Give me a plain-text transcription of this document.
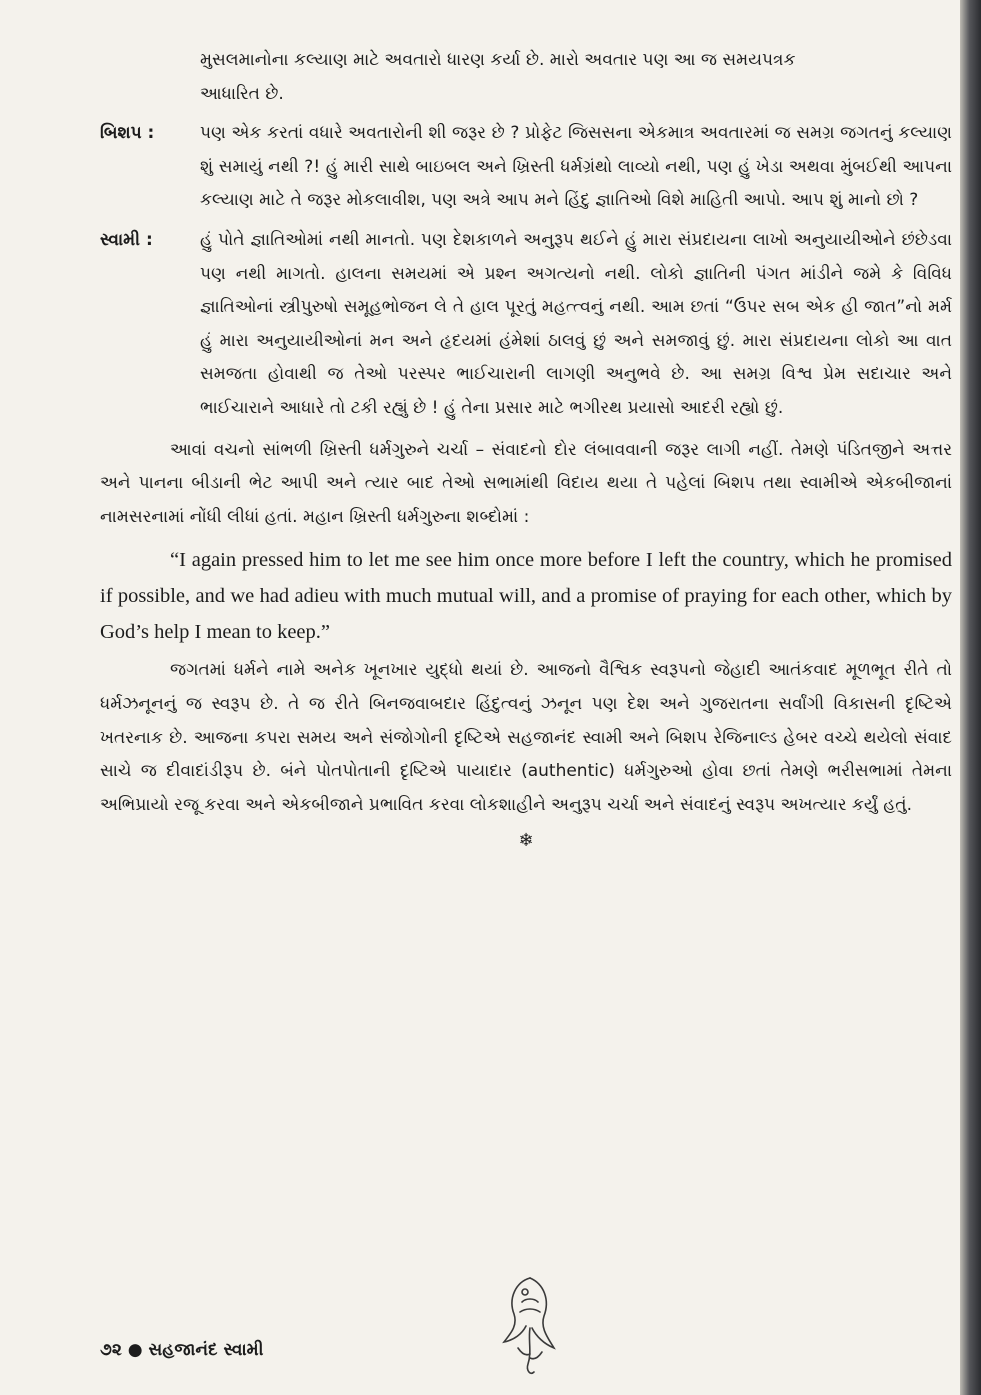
મુસલમાનોના કલ્યાણ માટે અવતારો ધારણ કર્યા છે. મારો અવતાર પણ આ જ સમયપત્રક
આધારિત છે.
બિશપ :	પણ એક કરતાં વધારે અવતારોની શી જરૂર છે ? પ્રોફેટ જિસસના એકમાત્ર અવતારમાં જ સમગ્ર જગતનું કલ્યાણ શું સમાયું નથી ?! હું મારી સાથે બાઇબલ અને ખ્રિસ્તી ધર્મગ્રંથો લાવ્યો નથી, પણ હું ખેડા અથવા મુંબઈથી આપના કલ્યાણ માટે તે જરૂર મોકલાવીશ, પણ અત્રે આપ મને હિંદુ જ્ઞાતિઓ વિશે માહિતી આપો. આપ શું માનો છો ?
સ્વામી :	હું પોતે જ્ઞાતિઓમાં નથી માનતો. પણ દેશકાળને અનુરૂપ થઈને હું મારા સંપ્રદાયના લાખો અનુયાયીઓને છંછેડવા પણ નથી માગતો. હાલના સમયમાં એ પ્રશ્ન અગત્યનો નથી. લોકો જ્ઞાતિની પંગત માંડીને જમે કે વિવિધ જ્ઞાતિઓનાં સ્ત્રીપુરુષો સમૂહભોજન લે તે હાલ પૂરતું મહત્ત્વનું નથી. આમ છતાં “ઉપર સબ એક હી જાત”નો મર્મ હું મારા અનુયાયીઓનાં મન અને હૃદયમાં હંમેશાં ઠાલવું છું અને સમજાવું છું. મારા સંપ્રદાયના લોકો આ વાત સમજતા હોવાથી જ તેઓ પરસ્પર ભાઈચારાની લાગણી અનુભવે છે. આ સમગ્ર વિશ્વ પ્રેમ સદાચાર અને ભાઈચારાને આધારે તો ટકી રહ્યું છે ! હું તેના પ્રસાર માટે ભગીરથ પ્રયાસો આદરી રહ્યો છું.

આવાં વચનો સાંભળી ખ્રિસ્તી ધર્મગુરુને ચર્ચા – સંવાદનો દોર લંબાવવાની જરૂર લાગી નહીં. તેમણે પંડિતજીને અત્તર અને પાનના બીડાની ભેટ આપી અને ત્યાર બાદ તેઓ સભામાંથી વિદાય થયા તે પહેલાં બિશપ તથા સ્વામીએ એકબીજાનાં નામસરનામાં નોંધી લીધાં હતાં. મહાન ખ્રિસ્તી ધર્મગુરુના શબ્દોમાં :

“I again pressed him to let me see him once more before I left the country, which he promised if possible, and we had adieu with much mutual will, and a promise of praying for each other, which by God’s help I mean to keep.”

જગતમાં ધર્મને નામે અનેક ખૂનખાર યુદ્ધો થયાં છે. આજનો વૈશ્વિક સ્વરૂપનો જેહાદી આતંકવાદ મૂળભૂત રીતે તો ધર્મઝનૂનનું જ સ્વરૂપ છે. તે જ રીતે બિનજવાબદાર હિંદુત્વનું ઝનૂન પણ દેશ અને ગુજરાતના સર્વાંગી વિકાસની દૃષ્ટિએ ખતરનાક છે. આજના કપરા સમય અને સંજોગોની દૃષ્ટિએ સહજાનંદ સ્વામી અને બિશપ રેજિનાલ્ડ હેબર વચ્ચે થયેલો સંવાદ સાચે જ દીવાદાંડીરૂપ છે. બંને પોતપોતાની દૃષ્ટિએ પાયાદાર (authentic) ધર્મગુરુઓ હોવા છતાં તેમણે ભરીસભામાં તેમના અભિપ્રાયો રજૂ કરવા અને એકબીજાને પ્રભાવિત કરવા લોકશાહીને અનુરૂપ ચર્ચા અને સંવાદનું સ્વરૂપ અખત્યાર કર્યું હતું.

❄
૭૨ ● સહજાનંદ સ્વામી
